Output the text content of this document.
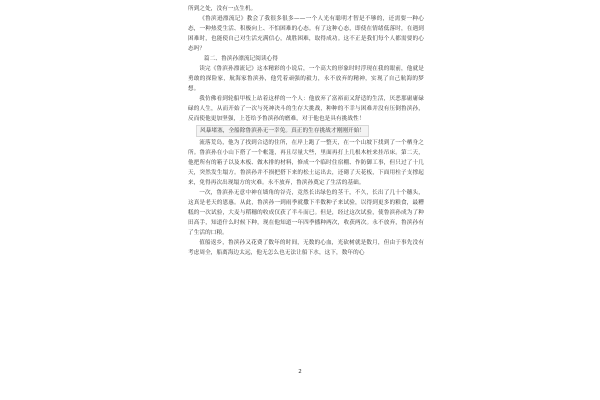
所到之处，没有一点生机。

《鲁滨逊漂流记》教会了我很多很多——一个人光有聪明才智是不够的，还需要一种心态，一种热爱生活、积极向上、不怕困难的心态。有了这种心态，即使在情绪低落时，在遇到困难时，也能使自己对生活充满信心，战胜困难，取得成功。这不正是我们每个人都需要的心态吗？

篇二、鲁滨孙漂流记阅读心得

读完《鲁滨孙漂流记》这本精彩的小说后，一个高大的形象时时浮现在我的眼前，他就是勇敢的探险家，航海家鲁滨孙，他凭着顽强的毅力，永不放弃的精神，实现了自己航海的梦想。

我仿佛看到轮船甲板上站着这样的一个人：他放弃了富裕而又舒适的生活，厌恶那庸庸碌碌的人生，从而开始了一次与死神决斗的生存大挑战，种种的不幸与困难并没有压倒鲁滨孙，反而使他更加坚强，上苍给予鲁滨孙的磨难，对于他也是具有挑战性！

风暴堵塞，全船除鲁滨孙无一幸免。真正的生存挑战才刚刚开始！

流落荒岛，他为了找到合适的住所，在岸上跑了一整天，在一个山坡下找到了一个栖身之所。鲁滨孙在小山下搭了一个帐篷，再且尽量大些，里面再打上几根木桩来挂吊床。第二天，他把所有的箱子以及木板、做木排的材料，修成一个临时住宿棚、作防御工事，但只过了十几天，突然发生塌方。鲁滨孙并不损把搭下来的松土运出去，还砌了天花板，下面用柱子支撑起来，免得再次出现塌方的灾难。永不放弃，鲁滨孙奠定了生活的基础。

一次，鲁滨孙无意中神在墙角的谷壳，竟然长出绿色的茎干，不久，长出了几十个穗头，这真是老天的恩惠。从此，鲁滨孙一到雨季就撒下半数种子来试验，以得到更多的粮食，最糟糕的一次试验，大麦与稻穗的收成仅获了半斗而已。但是，经过这次试验，使鲁滨孙成为了种田高手，知道什么时候下种，现在他知道一年四季播种两次，收获两次。永不放弃，鲁滨孙有了生活的口粮。

值船返乡，鲁滨孙又花费了数年的时间，无数的心血，光砍树就是数月，但由于事先没有考虑周全，船离海边太远，他无怎么也无法让船下水，这下，数年的心

2
